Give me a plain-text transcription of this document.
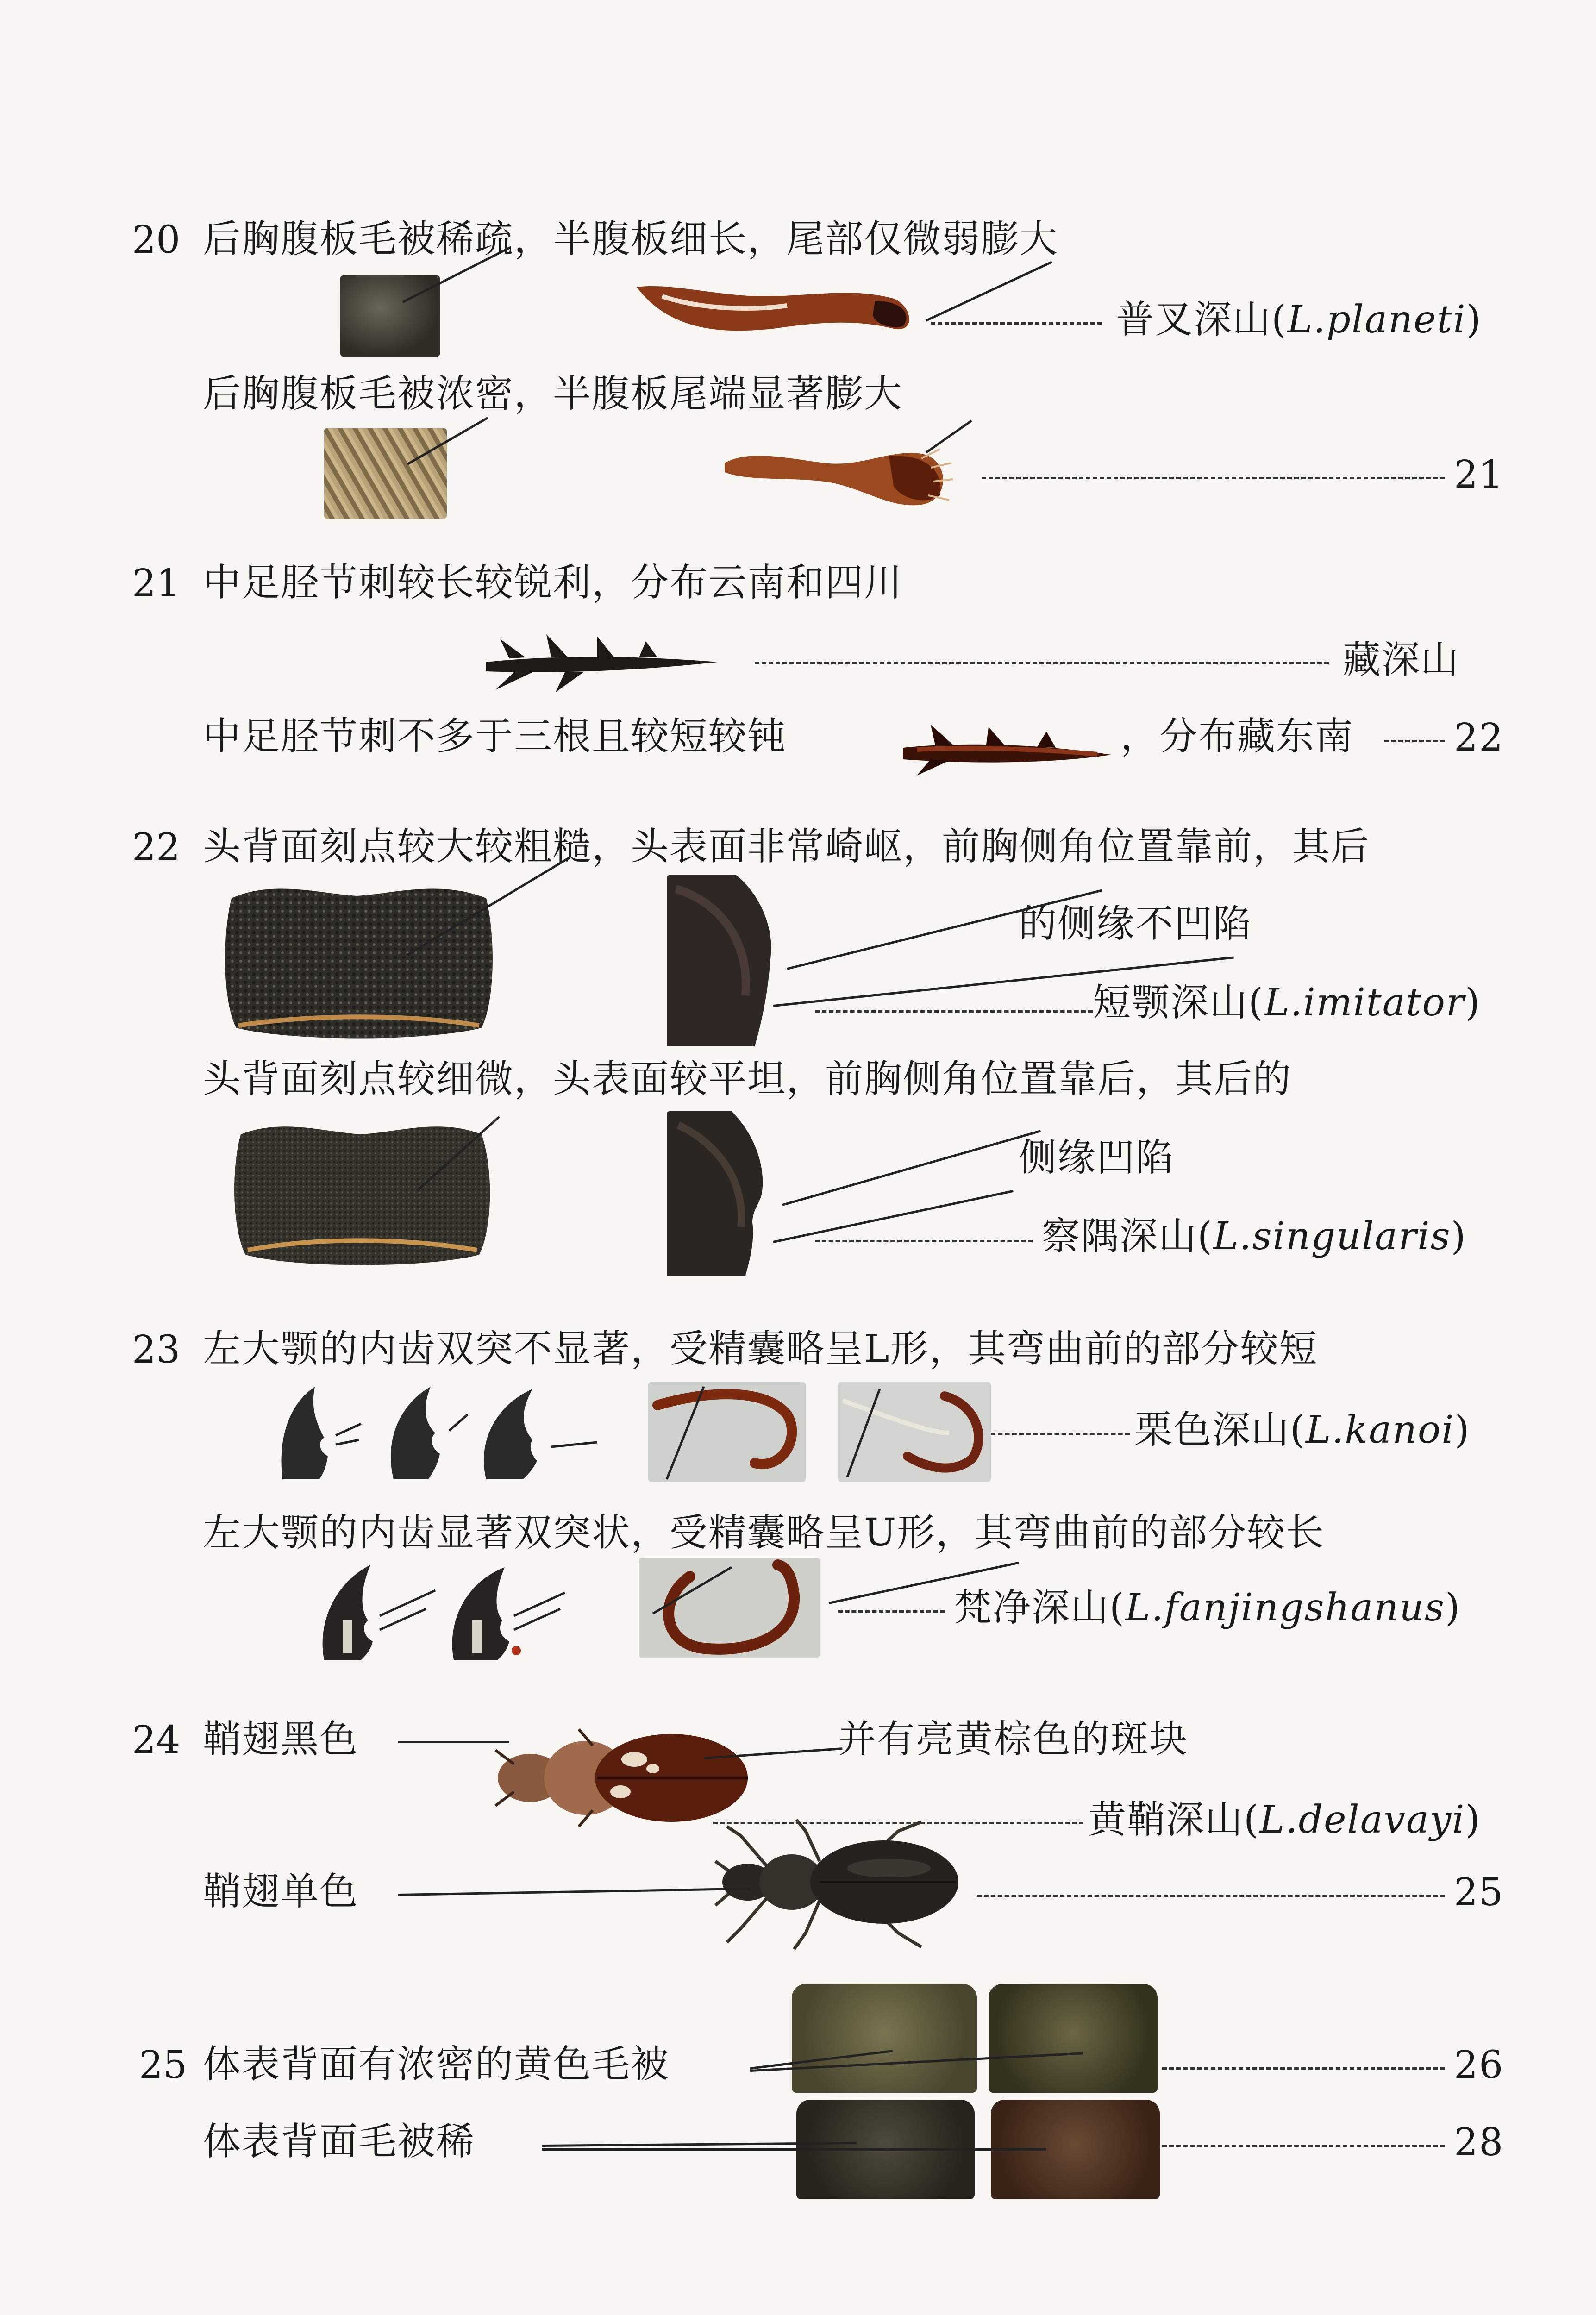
20 后胸腹板毛被稀疏，半腹板细长，尾部仅微弱膨大
普叉深山(L.planeti)
后胸腹板毛被浓密，半腹板尾端显著膨大
21
21 中足胫节刺较长较锐利，分布云南和四川
藏深山
中足胫节刺不多于三根且较短较钝	，分布藏东南	22
22 头背面刻点较大较粗糙，头表面非常崎岖，前胸侧角位置靠前，其后
的侧缘不凹陷
短颚深山(L.imitator)
头背面刻点较细微，头表面较平坦，前胸侧角位置靠后，其后的
侧缘凹陷
察隅深山(L.singularis)
23 左大颚的内齿双突不显著，受精囊略呈L形，其弯曲前的部分较短
栗色深山(L.kanoi)
左大颚的内齿显著双突状，受精囊略呈U形，其弯曲前的部分较长
梵净深山(L.fanjingshanus)
24 鞘翅黑色	并有亮黄棕色的斑块
黄鞘深山(L.delavayi)
鞘翅单色	25
25 体表背面有浓密的黄色毛被	26
体表背面毛被稀	28
